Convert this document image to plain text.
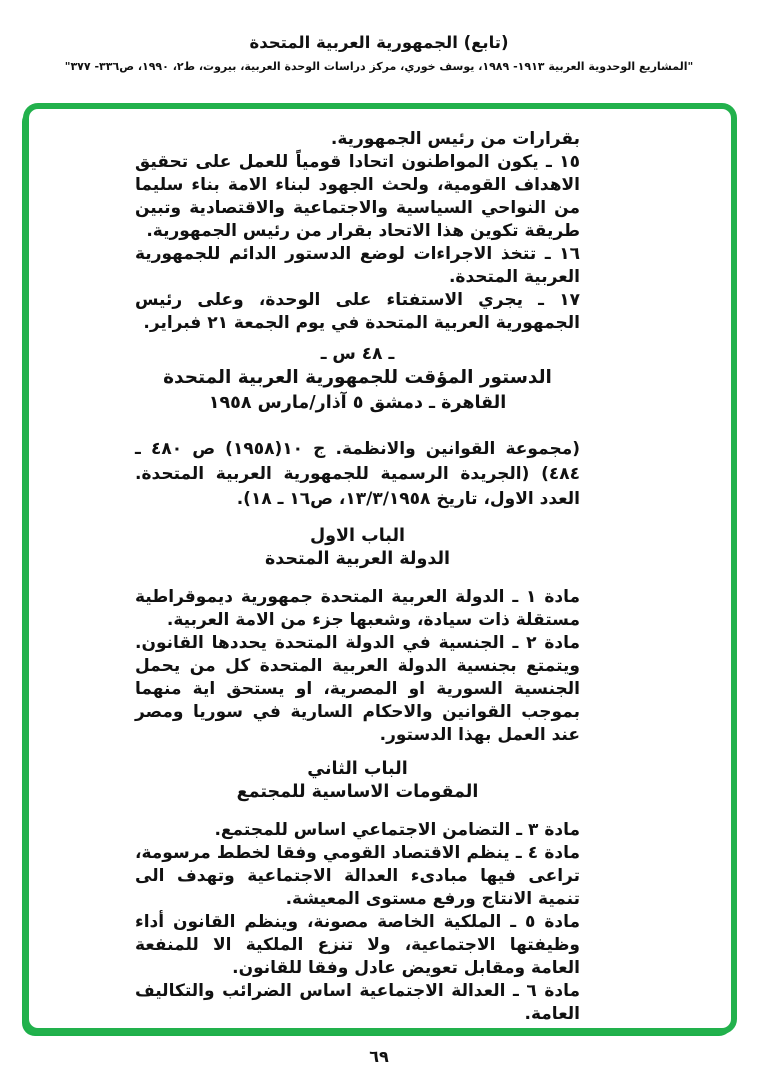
(تابع) الجمهورية العربية المتحدة
"المشاريع الوحدوية العربية ١٩١٣- ١٩٨٩، يوسف خوري، مركز دراسات الوحدة العربية، بيروت، ط٢، ١٩٩٠، ص٣٣٦- ٣٧٧"

بقرارات من رئيس الجمهورية.

١٥ ـ يكون المواطنون اتحادا قومياً للعمل على تحقيق الاهداف القومية، ولحث الجهود لبناء الامة بناء سليما من النواحي السياسية والاجتماعية والاقتصادية وتبين طريقة تكوين هذا الاتحاد بقرار من رئيس الجمهورية.

١٦ ـ تتخذ الاجراءات لوضع الدستور الدائم للجمهورية العربية المتحدة.

١٧ ـ يجري الاستفتاء على الوحدة، وعلى رئيس الجمهورية العربية المتحدة في يوم الجمعة ٢١ فبراير.

ـ ٤٨ س ـ
الدستور المؤقت للجمهورية العربية المتحدة
القاهرة ـ دمشق ٥ آذار/مارس ١٩٥٨

(مجموعة القوانين والانظمة. ج ١٠(١٩٥٨) ص ٤٨٠ ـ ٤٨٤) (الجريدة الرسمية للجمهورية العربية المتحدة. العدد الاول، تاريخ ١٣/٣/١٩٥٨، ص١٦ ـ ١٨).

الباب الاول
الدولة العربية المتحدة

مادة ١ ـ الدولة العربية المتحدة جمهورية ديموقراطية مستقلة ذات سيادة، وشعبها جزء من الامة العربية.

مادة ٢ ـ الجنسية في الدولة المتحدة يحددها القانون. ويتمتع بجنسية الدولة العربية المتحدة كل من يحمل الجنسية السورية او المصرية، او يستحق اية منهما بموجب القوانين والاحكام السارية في سوريا ومصر عند العمل بهذا الدستور.

الباب الثاني
المقومات الاساسية للمجتمع

مادة ٣ ـ التضامن الاجتماعي اساس للمجتمع.

مادة ٤ ـ ينظم الاقتصاد القومي وفقا لخطط مرسومة، تراعى فيها مبادىء العدالة الاجتماعية وتهدف الى تنمية الانتاج ورفع مستوى المعيشة.

مادة ٥ ـ الملكية الخاصة مصونة، وينظم القانون أداء وظيفتها الاجتماعية، ولا تنزع الملكية الا للمنفعة العامة ومقابل تعويض عادل وفقا للقانون.

مادة ٦ ـ العدالة الاجتماعية اساس الضرائب والتكاليف العامة.

٦٩
